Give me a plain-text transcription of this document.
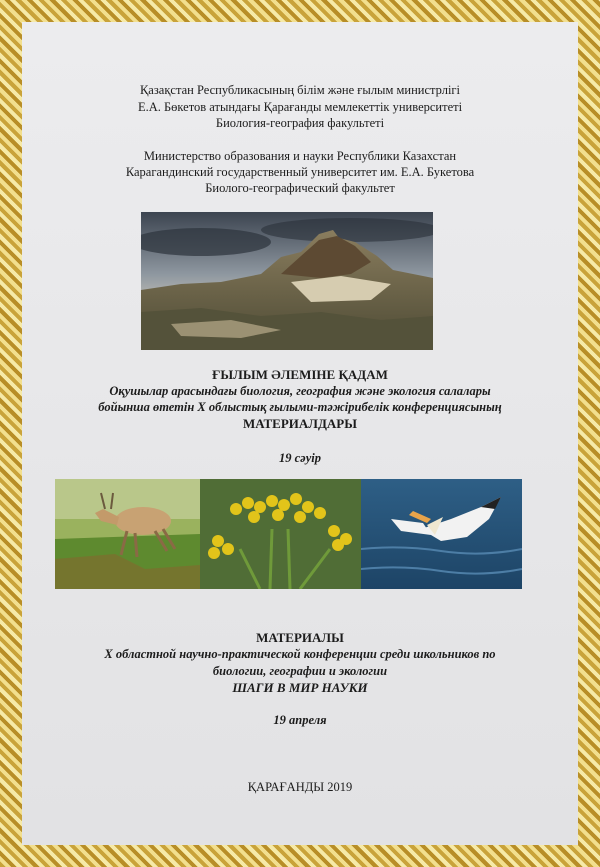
Қазақстан Республикасының білім және ғылым министрлігі
Е.А. Бөкетов атындағы Қарағанды мемлекеттік университеті
Биология-география факультеті
Министерство образования и науки Республики Казахстан
Карагандинский государственный университет им. Е.А. Букетова
Биолого-географический факультет
ҒЫЛЫМ ӘЛЕМІНЕ ҚАДАМ
Оқушылар арасындағы биология, география және экология салалары
бойынша өтетін Х облыстық ғылыми-тәжірибелік конференциясының
МАТЕРИАЛДАРЫ
19 сәуір
МАТЕРИАЛЫ
Х областной научно-практической конференции среди школьников по
биологии, географии и экологии
ШАГИ В МИР НАУКИ
19 апреля
ҚАРАҒАНДЫ 2019
